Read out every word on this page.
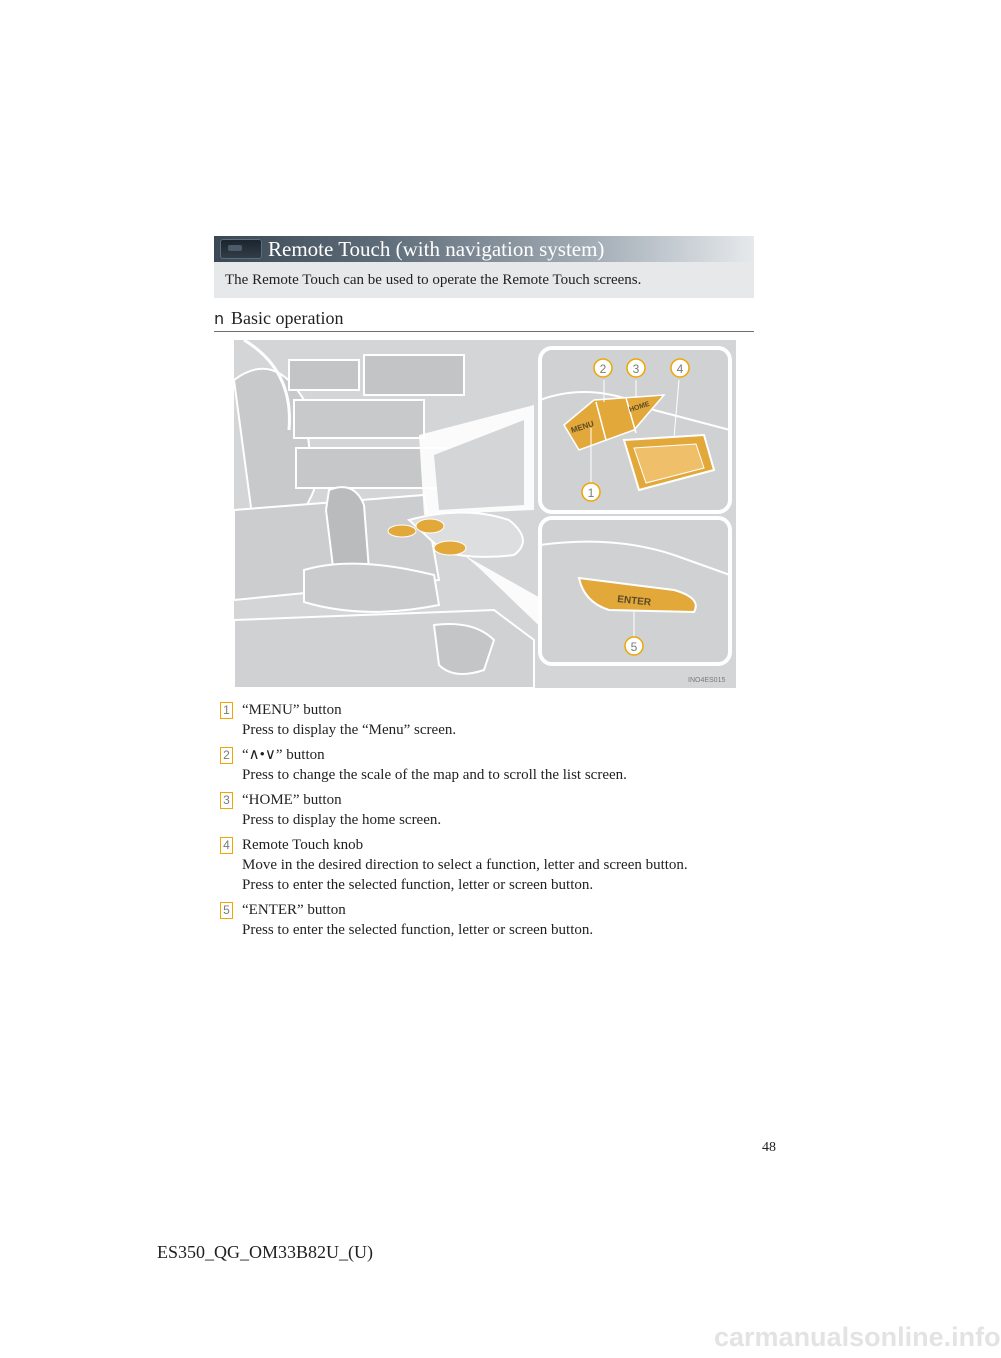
Remote Touch (with navigation system)
The Remote Touch can be used to operate the Remote Touch screens.
n Basic operation
MENU
HOME
2 3	4
1
ENTER
5
INO4ES015
1 “MENU” button
Press to display the “Menu” screen.
2 “∧•∨” button
Press to change the scale of the map and to scroll the list screen.
3 “HOME” button
Press to display the home screen.
4 Remote Touch knob
Move in the desired direction to select a function, letter and screen button.
Press to enter the selected function, letter or screen button.
5 “ENTER” button
Press to enter the selected function, letter or screen button.
48
ES350_QG_OM33B82U_(U)
carmanualsonline.info
